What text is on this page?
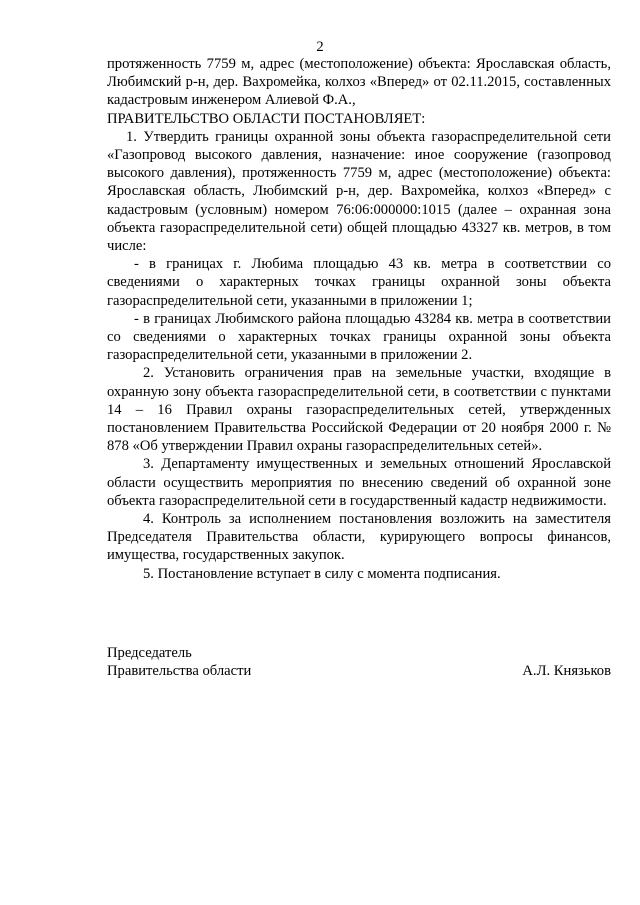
2

протяженность 7759 м, адрес (местоположение) объекта: Ярославская область, Любимский р-н, дер. Вахромейка, колхоз «Вперед» от 02.11.2015, составленных кадастровым инженером Алиевой Ф.А.,

ПРАВИТЕЛЬСТВО ОБЛАСТИ ПОСТАНОВЛЯЕТ:

1. Утвердить границы охранной зоны объекта газораспределительной сети «Газопровод высокого давления, назначение: иное сооружение (газопровод высокого давления), протяженность 7759 м, адрес (местоположение) объекта: Ярославская область, Любимский р-н, дер. Вахромейка, колхоз «Вперед» с кадастровым (условным) номером 76:06:000000:1015 (далее – охранная зона объекта газораспределительной сети) общей площадью 43327 кв. метров, в том числе:

- в границах г. Любима площадью 43 кв. метра в соответствии со сведениями о характерных точках границы охранной зоны объекта газораспределительной сети, указанными в приложении 1;

- в границах Любимского района площадью 43284 кв. метра в соответствии со сведениями о характерных точках границы охранной зоны объекта газораспределительной сети, указанными в приложении 2.

2. Установить ограничения прав на земельные участки, входящие в охранную зону объекта газораспределительной сети, в соответствии с пунктами 14 – 16 Правил охраны газораспределительных сетей, утвержденных постановлением Правительства Российской Федерации от 20 ноября 2000 г. № 878 «Об утверждении Правил охраны газораспределительных сетей».

3. Департаменту имущественных и земельных отношений Ярославской области осуществить мероприятия по внесению сведений об охранной зоне объекта газораспределительной сети в государственный кадастр недвижимости.

4. Контроль за исполнением постановления возложить на заместителя Председателя Правительства области, курирующего вопросы финансов, имущества, государственных закупок.

5. Постановление вступает в силу с момента подписания.

Председатель
Правительства области	А.Л. Князьков
